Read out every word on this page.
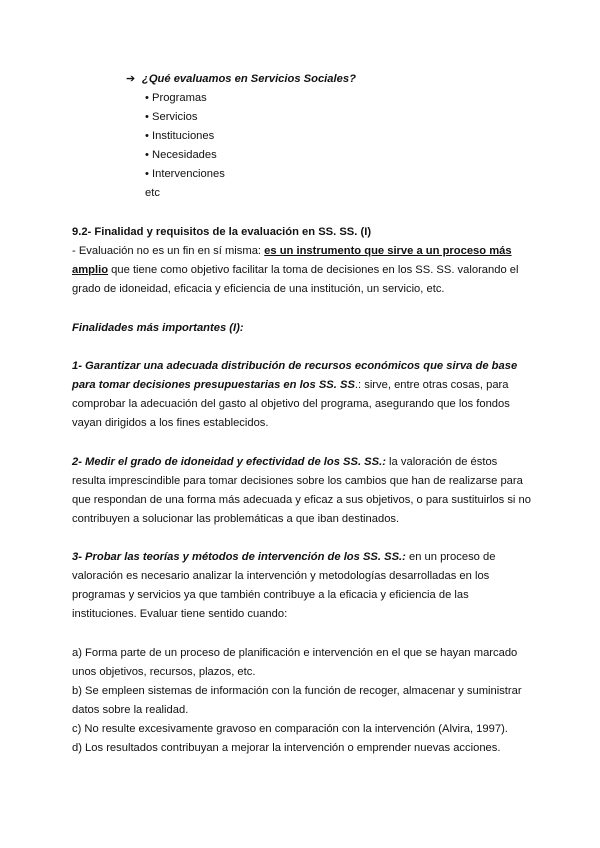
➔ ¿Qué evaluamos en Servicios Sociales?
• Programas
• Servicios
• Instituciones
• Necesidades
• Intervenciones
etc
9.2- Finalidad y requisitos de la evaluación en SS. SS. (I)
- Evaluación no es un fin en sí misma: es un instrumento que sirve a un proceso más
amplio que tiene como objetivo facilitar la toma de decisiones en los SS. SS. valorando el
grado de idoneidad, eficacia y eficiencia de una institución, un servicio, etc.
Finalidades más importantes (I):
1- Garantizar una adecuada distribución de recursos económicos que sirva de base
para tomar decisiones presupuestarias en los SS. SS.: sirve, entre otras cosas, para
comprobar la adecuación del gasto al objetivo del programa, asegurando que los fondos
vayan dirigidos a los fines establecidos.
2- Medir el grado de idoneidad y efectividad de los SS. SS.: la valoración de éstos
resulta imprescindible para tomar decisiones sobre los cambios que han de realizarse para
que respondan de una forma más adecuada y eficaz a sus objetivos, o para sustituirlos si no
contribuyen a solucionar las problemáticas a que iban destinados.
3- Probar las teorías y métodos de intervención de los SS. SS.: en un proceso de
valoración es necesario analizar la intervención y metodologías desarrolladas en los
programas y servicios ya que también contribuye a la eficacia y eficiencia de las
instituciones. Evaluar tiene sentido cuando:
a) Forma parte de un proceso de planificación e intervención en el que se hayan marcado
unos objetivos, recursos, plazos, etc.
b) Se empleen sistemas de información con la función de recoger, almacenar y suministrar
datos sobre la realidad.
c) No resulte excesivamente gravoso en comparación con la intervención (Alvira, 1997).
d) Los resultados contribuyan a mejorar la intervención o emprender nuevas acciones.
